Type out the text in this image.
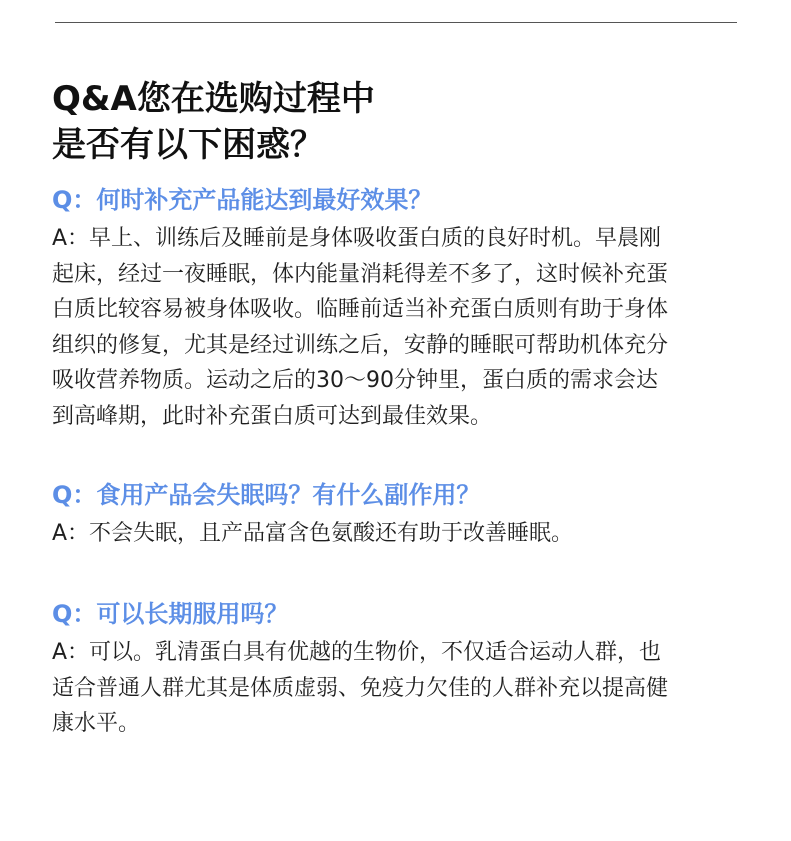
Q&A您在选购过程中
是否有以下困惑？

Q：何时补充产品能达到最好效果？

A：早上、训练后及睡前是身体吸收蛋白质的良好时机。早晨刚
起床，经过一夜睡眠，体内能量消耗得差不多了，这时候补充蛋
白质比较容易被身体吸收。临睡前适当补充蛋白质则有助于身体
组织的修复，尤其是经过训练之后，安静的睡眠可帮助机体充分
吸收营养物质。运动之后的30～90分钟里，蛋白质的需求会达
到高峰期，此时补充蛋白质可达到最佳效果。

Q：食用产品会失眠吗？有什么副作用？

A：不会失眠，且产品富含色氨酸还有助于改善睡眠。

Q：可以长期服用吗？

A：可以。乳清蛋白具有优越的生物价，不仅适合运动人群，也
适合普通人群尤其是体质虚弱、免疫力欠佳的人群补充以提高健
康水平。
